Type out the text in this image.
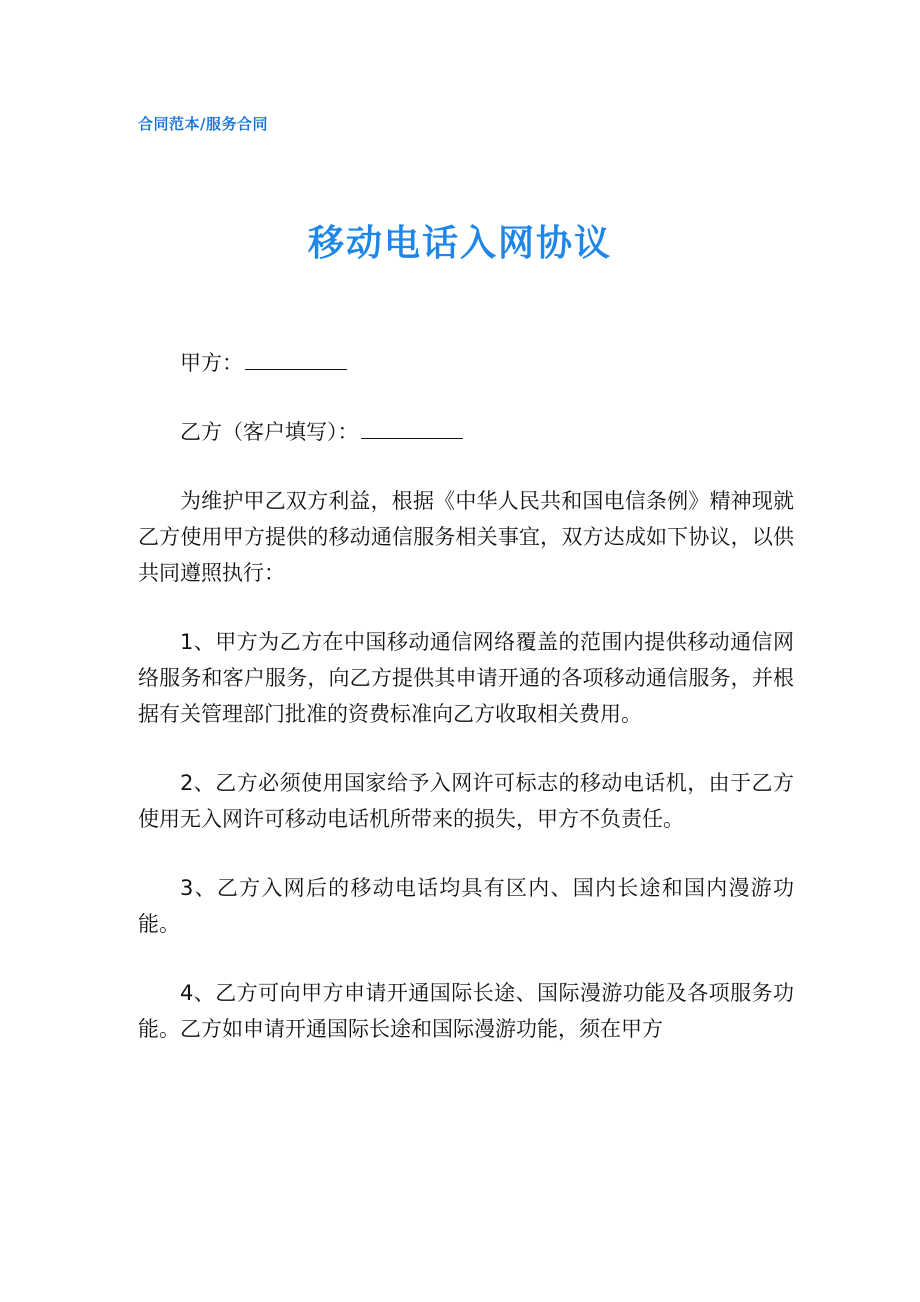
合同范本/服务合同
移动电话入网协议

甲方：

乙方（客户填写）：

为维护甲乙双方利益，根据《中华人民共和国电信条例》精神现就乙方使用甲方提供的移动通信服务相关事宜，双方达成如下协议，以供共同遵照执行：

1、甲方为乙方在中国移动通信网络覆盖的范围内提供移动通信网络服务和客户服务，向乙方提供其申请开通的各项移动通信服务，并根据有关管理部门批准的资费标准向乙方收取相关费用。

2、乙方必须使用国家给予入网许可标志的移动电话机，由于乙方使用无入网许可移动电话机所带来的损失，甲方不负责任。

3、乙方入网后的移动电话均具有区内、国内长途和国内漫游功能。

4、乙方可向甲方申请开通国际长途、国际漫游功能及各项服务功能。乙方如申请开通国际长途和国际漫游功能，须在甲方
